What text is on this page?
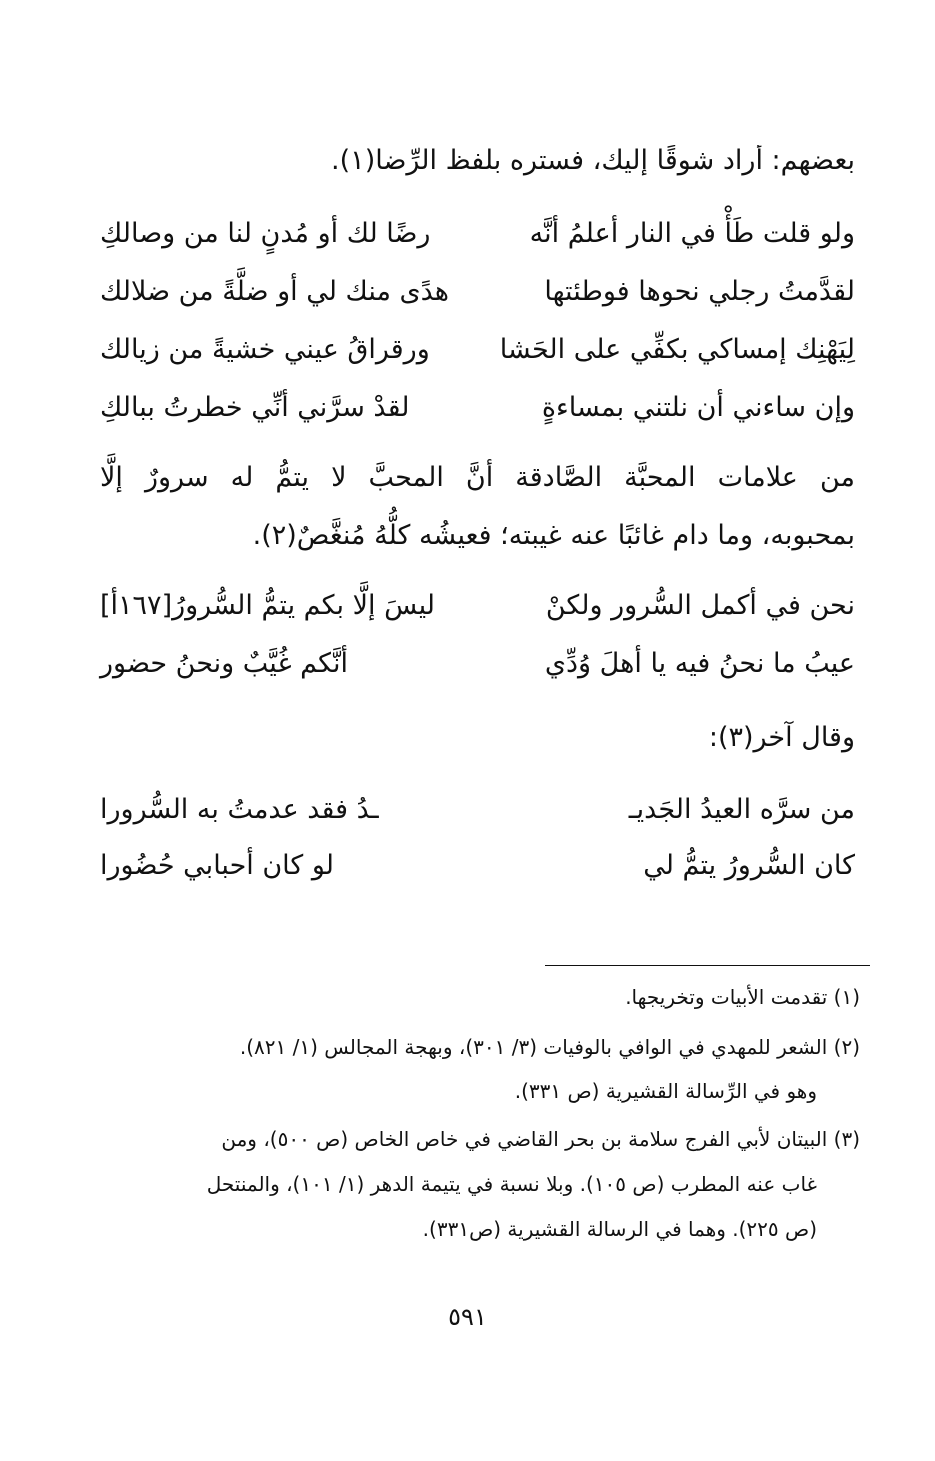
بعضهم: أراد شوقًا إليك، فستره بلفظ الرِّضا(١).
ولو قلت طَأْ في النار أعلمُ أنَّه
رضًا لك أو مُدنٍ لنا من وصالكِ
لقدَّمتُ رجلي نحوها فوطئتها
هدًى منك لي أو ضلَّةً من ضلالك
لِيَهْنِك إمساكي بكفِّي على الحَشا
ورقراقُ عيني خشيةً من زيالك
وإن ساءني أن نلتني بمساءةٍ
لقدْ سرَّني أنِّي خطرتُ ببالكِ
من علامات المحبَّة الصَّادقة أنَّ المحبَّ لا يتمُّ له سرورٌ إلَّا
بمحبوبه، وما دام غائبًا عنه غيبته؛ فعيشُه كلُّهُ مُنغَّصٌ(٢).
نحن في أكمل السُّرور ولكنْ
ليسَ إلَّا بكم يتمُّ السُّرورُ[١٦٧أ]
عيبُ ما نحنُ فيه يا أهلَ وُدِّي
أنَّكم غُيَّبٌ ونحنُ حضور
وقال آخر(٣):
من سرَّه العيدُ الجَديـ
ـدُ فقد عدمتُ به السُّرورا
كان السُّرورُ يتمُّ لي
لو كان أحبابي حُضُورا
(١) تقدمت الأبيات وتخريجها.
(٢) الشعر للمهدي في الوافي بالوفيات (٣/ ٣٠١)، وبهجة المجالس (١/ ٨٢١).
وهو في الرِّسالة القشيرية (ص ٣٣١).
(٣) البيتان لأبي الفرج سلامة بن بحر القاضي في خاص الخاص (ص ٥٠٠)، ومن
غاب عنه المطرب (ص ١٠٥). وبلا نسبة في يتيمة الدهر (١/ ١٠١)، والمنتحل
(ص ٢٢٥). وهما في الرسالة القشيرية (ص٣٣١).
٥٩١
